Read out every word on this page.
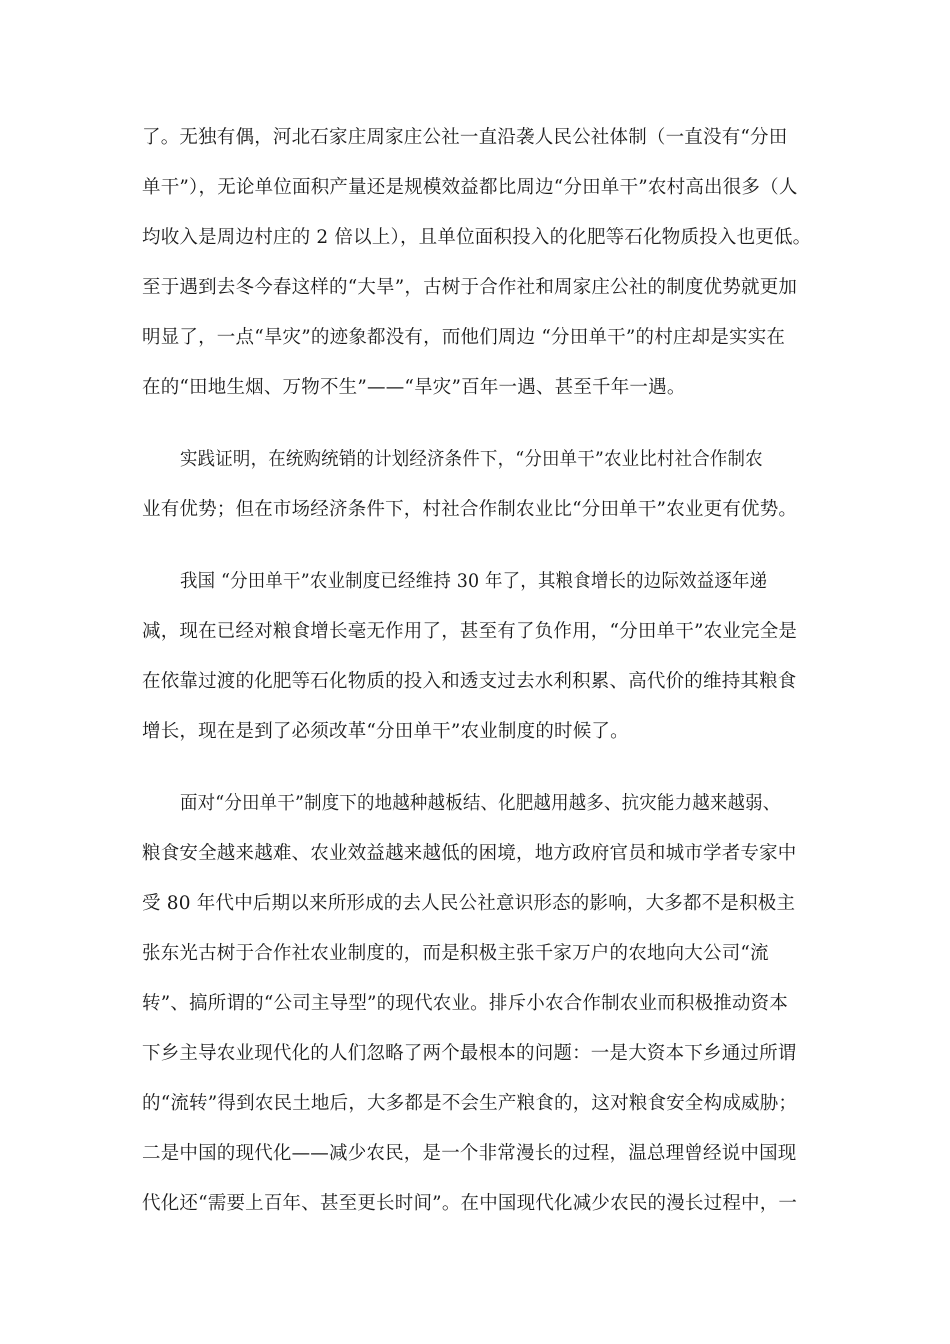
了。无独有偶，河北石家庄周家庄公社一直沿袭人民公社体制（一直没有“分田
单干”），无论单位面积产量还是规模效益都比周边“分田单干”农村高出很多（人
均收入是周边村庄的 2 倍以上），且单位面积投入的化肥等石化物质投入也更低。
至于遇到去冬今春这样的“大旱”，古树于合作社和周家庄公社的制度优势就更加
明显了，一点“旱灾”的迹象都没有，而他们周边 “分田单干”的村庄却是实实在
在的“田地生烟、万物不生”——“旱灾”百年一遇、甚至千年一遇。
实践证明，在统购统销的计划经济条件下，“分田单干”农业比村社合作制农
业有优势；但在市场经济条件下，村社合作制农业比“分田单干”农业更有优势。
我国 “分田单干”农业制度已经维持 30 年了，其粮食增长的边际效益逐年递
减，现在已经对粮食增长毫无作用了，甚至有了负作用，“分田单干”农业完全是
在依靠过渡的化肥等石化物质的投入和透支过去水利积累、高代价的维持其粮食
增长，现在是到了必须改革“分田单干”农业制度的时候了。
面对“分田单干”制度下的地越种越板结、化肥越用越多、抗灾能力越来越弱、
粮食安全越来越难、农业效益越来越低的困境，地方政府官员和城市学者专家中
受 80 年代中后期以来所形成的去人民公社意识形态的影响，大多都不是积极主
张东光古树于合作社农业制度的，而是积极主张千家万户的农地向大公司“流
转”、搞所谓的“公司主导型”的现代农业。排斥小农合作制农业而积极推动资本
下乡主导农业现代化的人们忽略了两个最根本的问题：一是大资本下乡通过所谓
的“流转”得到农民土地后，大多都是不会生产粮食的，这对粮食安全构成威胁；
二是中国的现代化——减少农民，是一个非常漫长的过程，温总理曾经说中国现
代化还“需要上百年、甚至更长时间”。在中国现代化减少农民的漫长过程中，一
